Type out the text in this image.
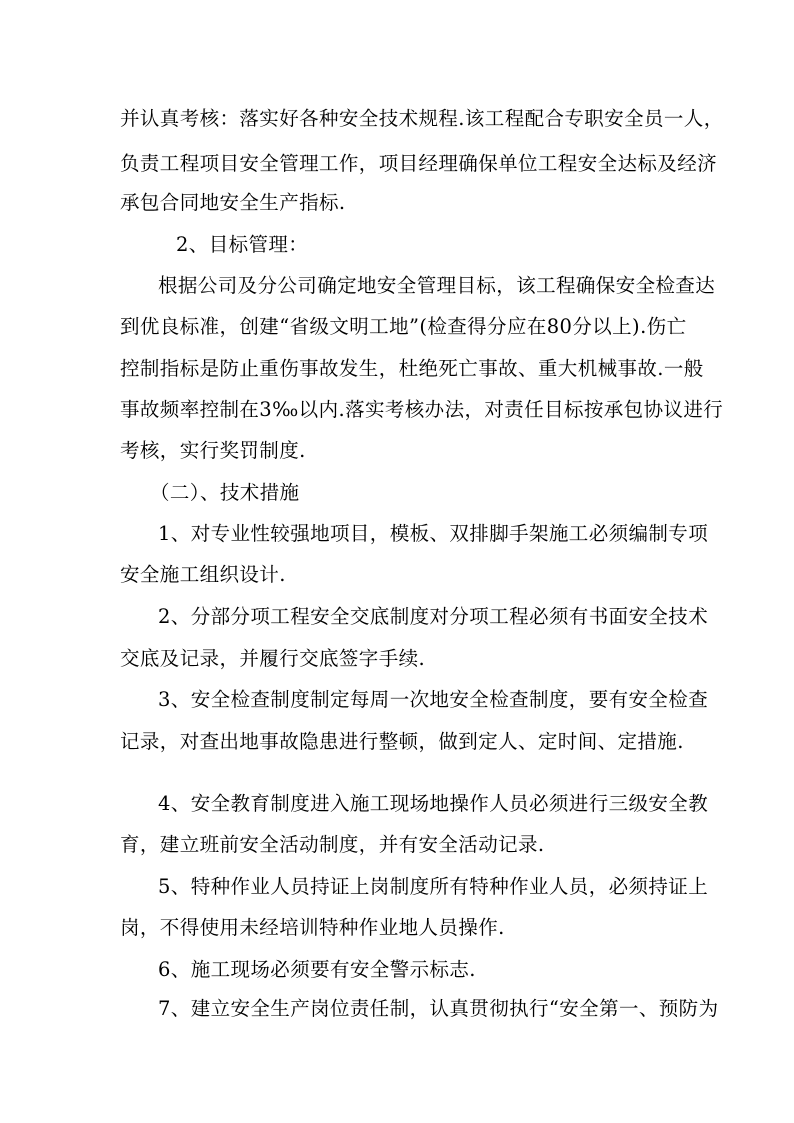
并认真考核：落实好各种安全技术规程.该工程配合专职安全员一人，
负责工程项目安全管理工作，项目经理确保单位工程安全达标及经济
承包合同地安全生产指标.
2、目标管理：
根据公司及分公司确定地安全管理目标，该工程确保安全检查达
到优良标准，创建“省级文明工地”(检查得分应在80分以上).伤亡
控制指标是防止重伤事故发生，杜绝死亡事故、重大机械事故.一般
事故频率控制在3‰以内.落实考核办法，对责任目标按承包协议进行
考核，实行奖罚制度.
（二）、技术措施
1、对专业性较强地项目，模板、双排脚手架施工必须编制专项
安全施工组织设计.
2、分部分项工程安全交底制度对分项工程必须有书面安全技术
交底及记录，并履行交底签字手续.
3、安全检查制度制定每周一次地安全检查制度，要有安全检查
记录，对查出地事故隐患进行整顿，做到定人、定时间、定措施.
4、安全教育制度进入施工现场地操作人员必须进行三级安全教
育，建立班前安全活动制度，并有安全活动记录.
5、特种作业人员持证上岗制度所有特种作业人员，必须持证上
岗，不得使用未经培训特种作业地人员操作.
6、施工现场必须要有安全警示标志.
7、建立安全生产岗位责任制，认真贯彻执行“安全第一、预防为
